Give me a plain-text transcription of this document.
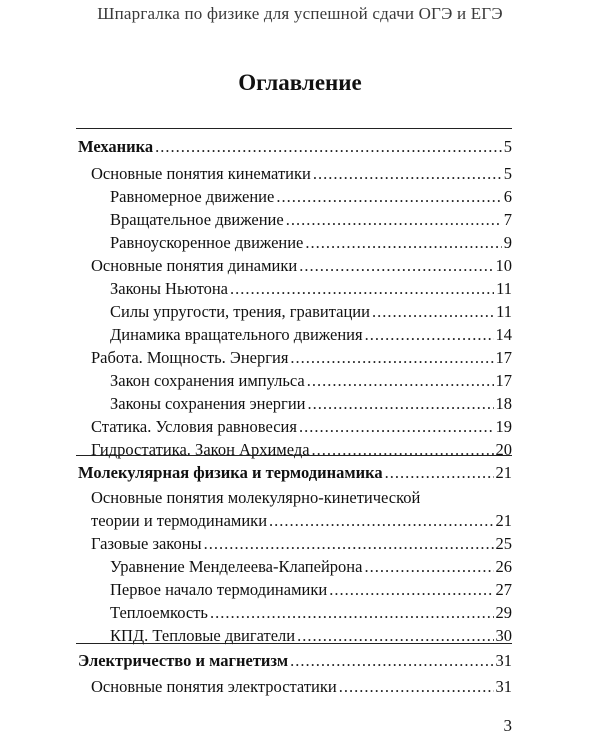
Шпаргалка по физике для успешной сдачи ОГЭ и ЕГЭ
Оглавление
Механика .....	5
Основные понятия кинематики .....	5
Равномерное движение .....	6
Вращательное движение .....	7
Равноускоренное движение .....	9
Основные понятия динамики .....	10
Законы Ньютона .....	11
Силы упругости, трения, гравитации .....	11
Динамика вращательного движения .....	14
Работа. Мощность. Энергия .....	17
Закон сохранения импульса .....	17
Законы сохранения энергии .....	18
Статика. Условия равновесия .....	19
Гидростатика. Закон Архимеда .....	20
Молекулярная физика и термодинамика .....	21
Основные понятия молекулярно-кинетической
теории и термодинамики .....	21
Газовые законы .....	25
Уравнение Менделеева-Клапейрона .....	26
Первое начало термодинамики .....	27
Теплоемкость .....	29
КПД. Тепловые двигатели .....	30
Электричество и магнетизм .....	31
Основные понятия электростатики .....	31
3
